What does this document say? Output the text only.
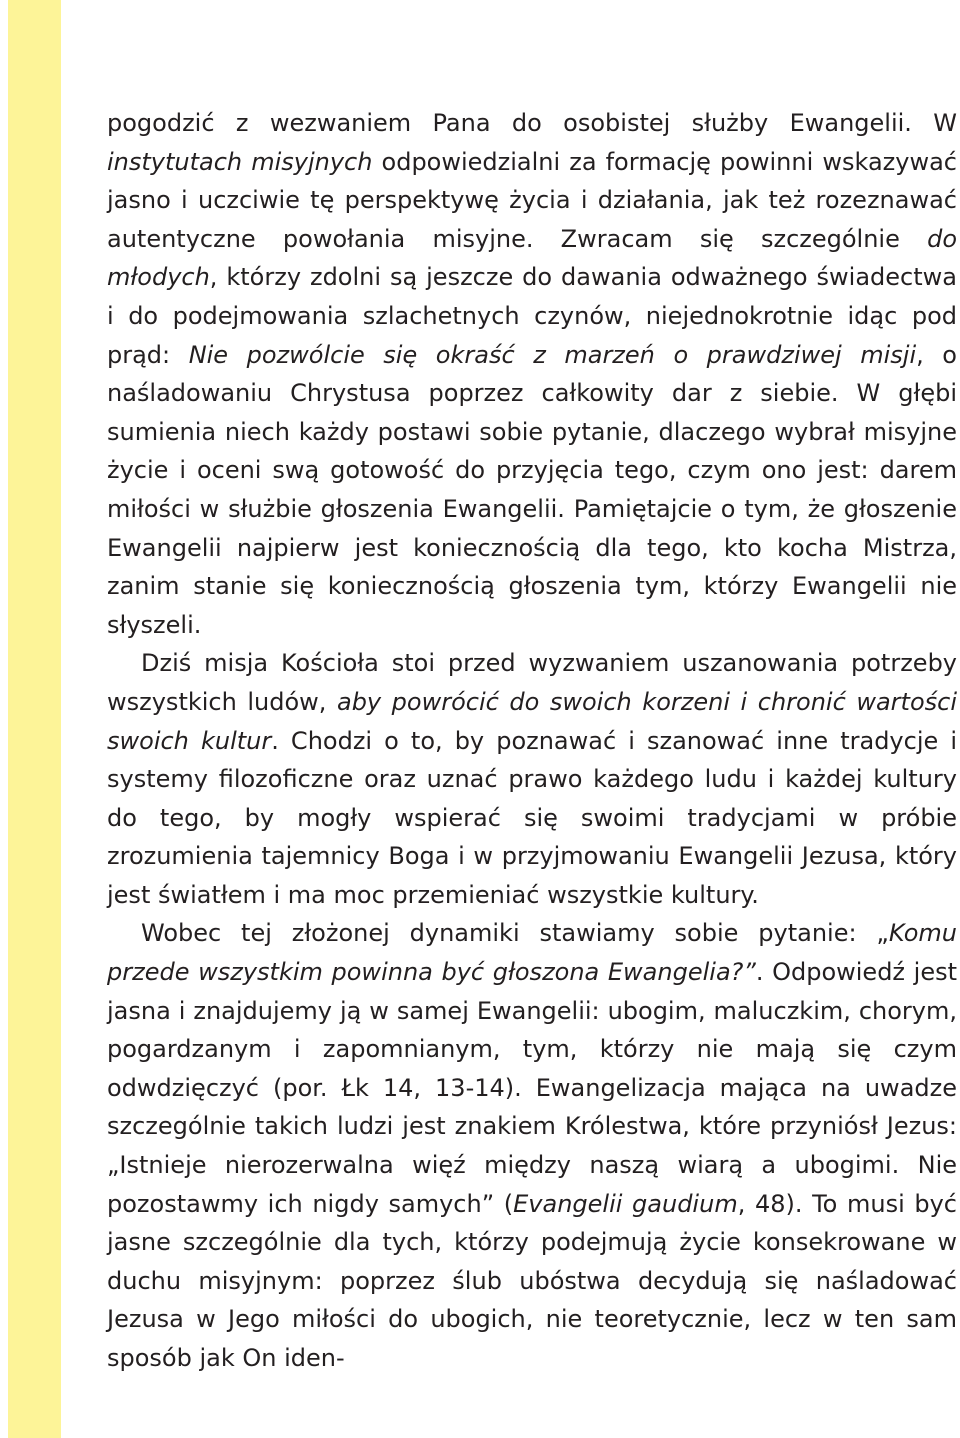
pogodzić z wezwaniem Pana do osobistej służby Ewangelii. W instytutach misyjnych odpowiedzialni za formację powinni wskazywać jasno i uczciwie tę perspektywę życia i działania, jak też rozeznawać autentyczne powołania misyjne. Zwracam się szczególnie do młodych, którzy zdolni są jeszcze do dawania odważnego świadectwa i do podejmowania szlachetnych czynów, niejednokrotnie idąc pod prąd: Nie pozwólcie się okraść z marzeń o prawdziwej misji, o naśladowaniu Chrystusa poprzez całkowity dar z siebie. W głębi sumienia niech każdy postawi sobie pytanie, dlaczego wybrał misyjne życie i oceni swą gotowość do przyjęcia tego, czym ono jest: darem miłości w służbie głoszenia Ewangelii. Pamiętajcie o tym, że głoszenie Ewangelii najpierw jest koniecznością dla tego, kto kocha Mistrza, zanim stanie się koniecznością głoszenia tym, którzy Ewangelii nie słyszeli.

Dziś misja Kościoła stoi przed wyzwaniem uszanowania potrzeby wszystkich ludów, aby powrócić do swoich korzeni i chronić wartości swoich kultur. Chodzi o to, by poznawać i szanować inne tradycje i systemy filozoficzne oraz uznać prawo każdego ludu i każdej kultury do tego, by mogły wspierać się swoimi tradycjami w próbie zrozumienia tajemnicy Boga i w przyjmowaniu Ewangelii Jezusa, który jest światłem i ma moc przemieniać wszystkie kultury.

Wobec tej złożonej dynamiki stawiamy sobie pytanie: „Komu przede wszystkim powinna być głoszona Ewangelia?”. Odpowiedź jest jasna i znajdujemy ją w samej Ewangelii: ubogim, maluczkim, chorym, pogardzanym i zapomnianym, tym, którzy nie mają się czym odwdzięczyć (por. Łk 14, 13-14). Ewangelizacja mająca na uwadze szczególnie takich ludzi jest znakiem Królestwa, które przyniósł Jezus: „Istnieje nierozerwalna więź między naszą wiarą a ubogimi. Nie pozostawmy ich nigdy samych” (Evangelii gaudium, 48). To musi być jasne szczególnie dla tych, którzy podejmują życie konsekrowane w duchu misyjnym: poprzez ślub ubóstwa decydują się naśladować Jezusa w Jego miłości do ubogich, nie teoretycznie, lecz w ten sam sposób jak On iden-
